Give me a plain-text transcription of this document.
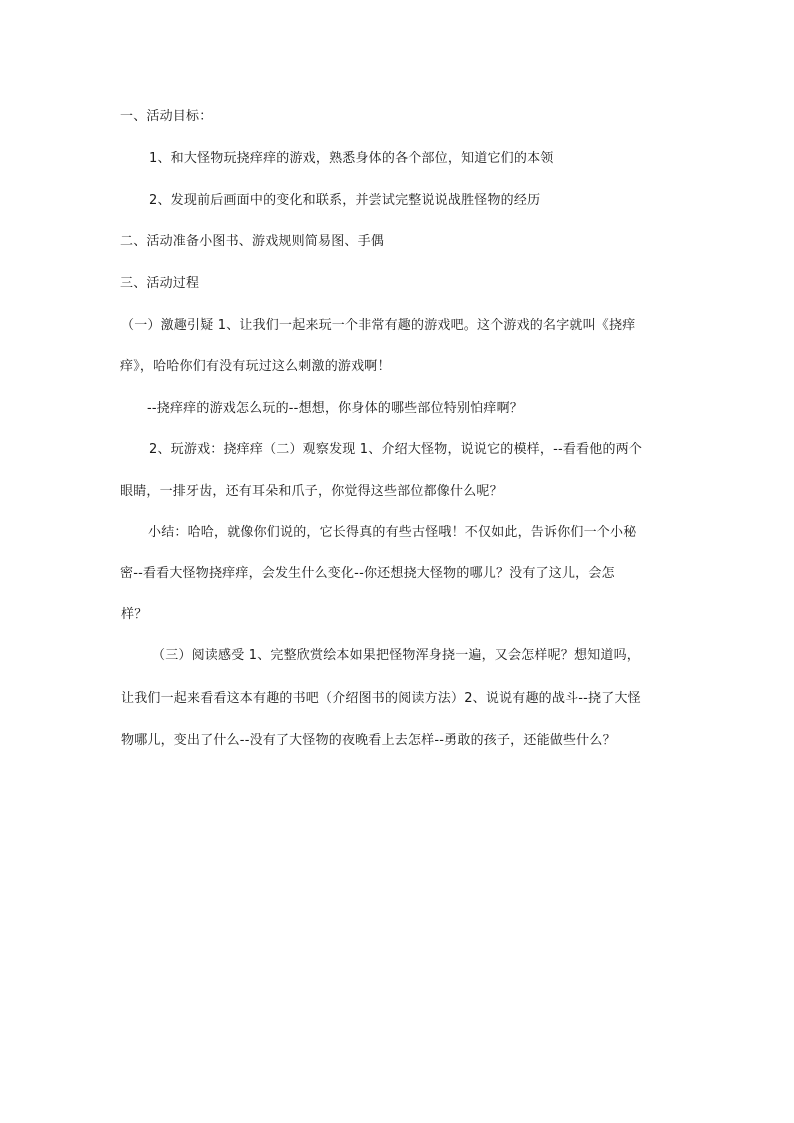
一、活动目标：
1、和大怪物玩挠痒痒的游戏，熟悉身体的各个部位，知道它们的本领
2、发现前后画面中的变化和联系，并尝试完整说说战胜怪物的经历
二、活动准备小图书、游戏规则简易图、手偶
三、活动过程
（一）激趣引疑 1、让我们一起来玩一个非常有趣的游戏吧。这个游戏的名字就叫《挠痒
痒》，哈哈你们有没有玩过这么刺激的游戏啊！
--挠痒痒的游戏怎么玩的--想想，你身体的哪些部位特别怕痒啊？
2、玩游戏：挠痒痒（二）观察发现 1、介绍大怪物，说说它的模样，--看看他的两个
眼睛，一排牙齿，还有耳朵和爪子，你觉得这些部位都像什么呢？
小结：哈哈，就像你们说的，它长得真的有些古怪哦！不仅如此，告诉你们一个小秘
密--看看大怪物挠痒痒，会发生什么变化--你还想挠大怪物的哪儿？没有了这儿，会怎
样？
（三）阅读感受 1、完整欣赏绘本如果把怪物浑身挠一遍，又会怎样呢？想知道吗，
让我们一起来看看这本有趣的书吧（介绍图书的阅读方法）2、说说有趣的战斗--挠了大怪
物哪儿，变出了什么--没有了大怪物的夜晚看上去怎样--勇敢的孩子，还能做些什么？
